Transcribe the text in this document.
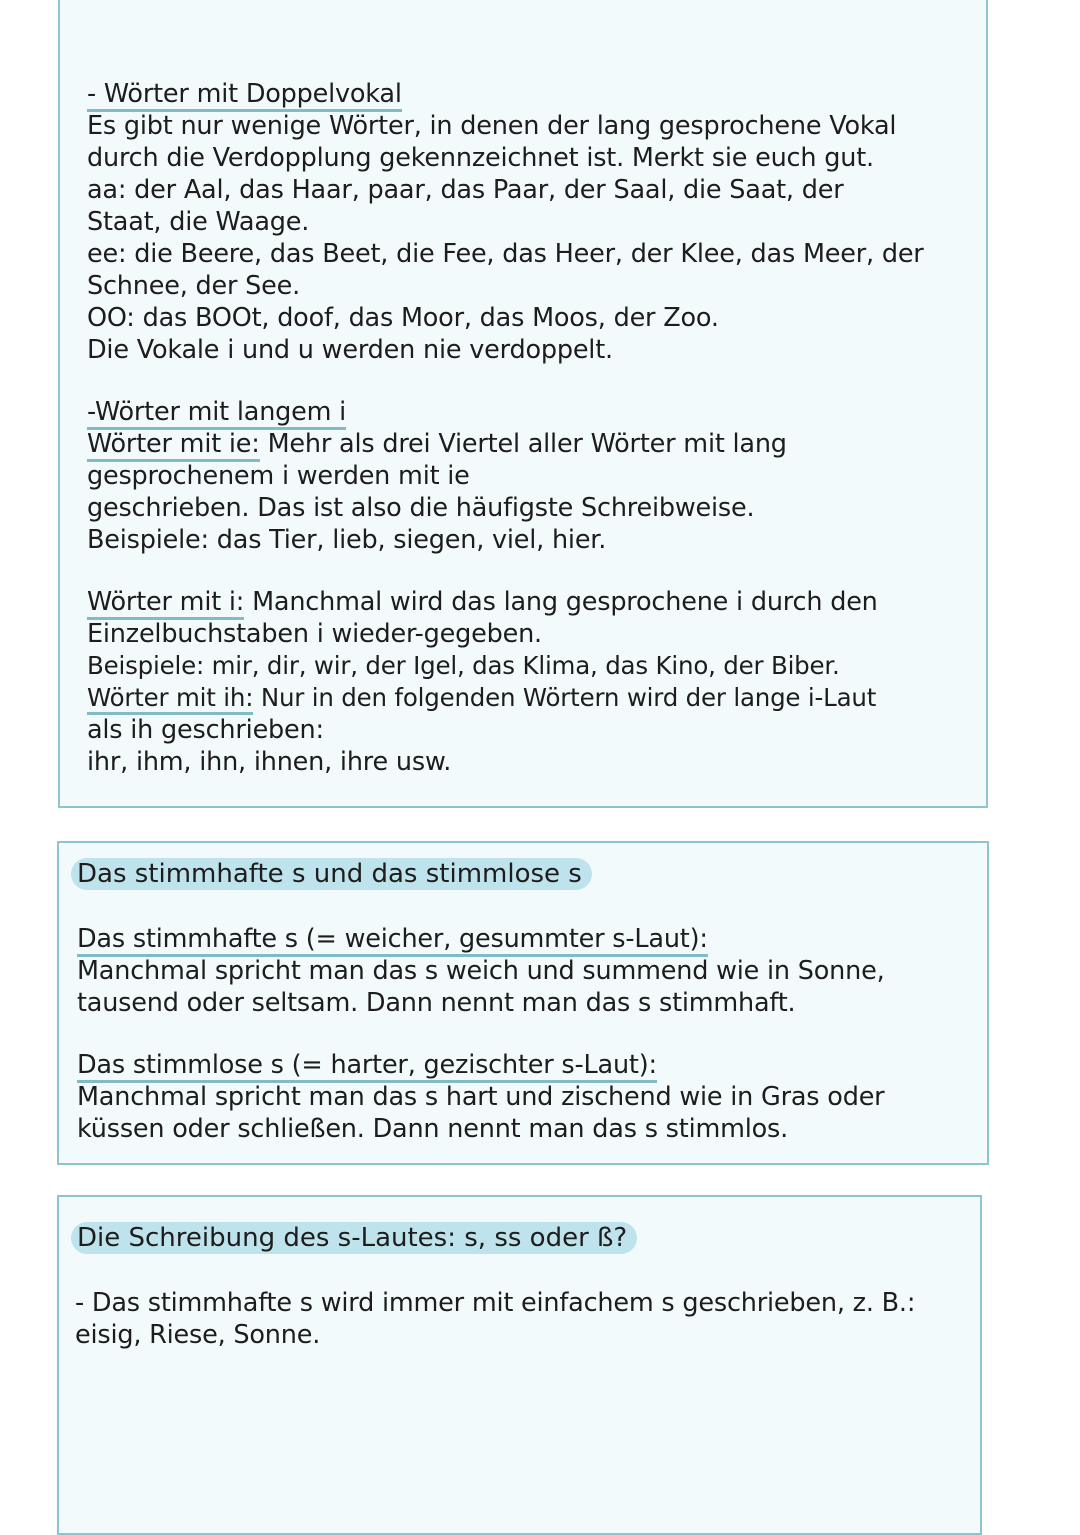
- Wörter mit Doppelvokal
Es gibt nur wenige Wörter, in denen der lang gesprochene Vokal
durch die Verdopplung gekennzeichnet ist. Merkt sie euch gut.
aa: der Aal, das Haar, paar, das Paar, der Saal, die Saat, der
Staat, die Waage.
ee: die Beere, das Beet, die Fee, das Heer, der Klee, das Meer, der
Schnee, der See.
OO: das BOOt, doof, das Moor, das Moos, der Zoo.
Die Vokale i und u werden nie verdoppelt.
-Wörter mit langem i
Wörter mit ie: Mehr als drei Viertel aller Wörter mit lang
gesprochenem i werden mit ie
geschrieben. Das ist also die häufigste Schreibweise.
Beispiele: das Tier, lieb, siegen, viel, hier.
Wörter mit i: Manchmal wird das lang gesprochene i durch den
Einzelbuchstaben i wieder-gegeben.
Beispiele: mir, dir, wir, der Igel, das Klima, das Kino, der Biber.
Wörter mit ih: Nur in den folgenden Wörtern wird der lange i-Laut
als ih geschrieben:
ihr, ihm, ihn, ihnen, ihre usw.
Das stimmhafte s und das stimmlose s
Das stimmhafte s (= weicher, gesummter s-Laut):
Manchmal spricht man das s weich und summend wie in Sonne,
tausend oder seltsam. Dann nennt man das s stimmhaft.
Das stimmlose s (= harter, gezischter s-Laut):
Manchmal spricht man das s hart und zischend wie in Gras oder
küssen oder schließen. Dann nennt man das s stimmlos.
Die Schreibung des s-Lautes: s, ss oder ß?
- Das stimmhafte s wird immer mit einfachem s geschrieben, z. B.:
eisig, Riese, Sonne.
